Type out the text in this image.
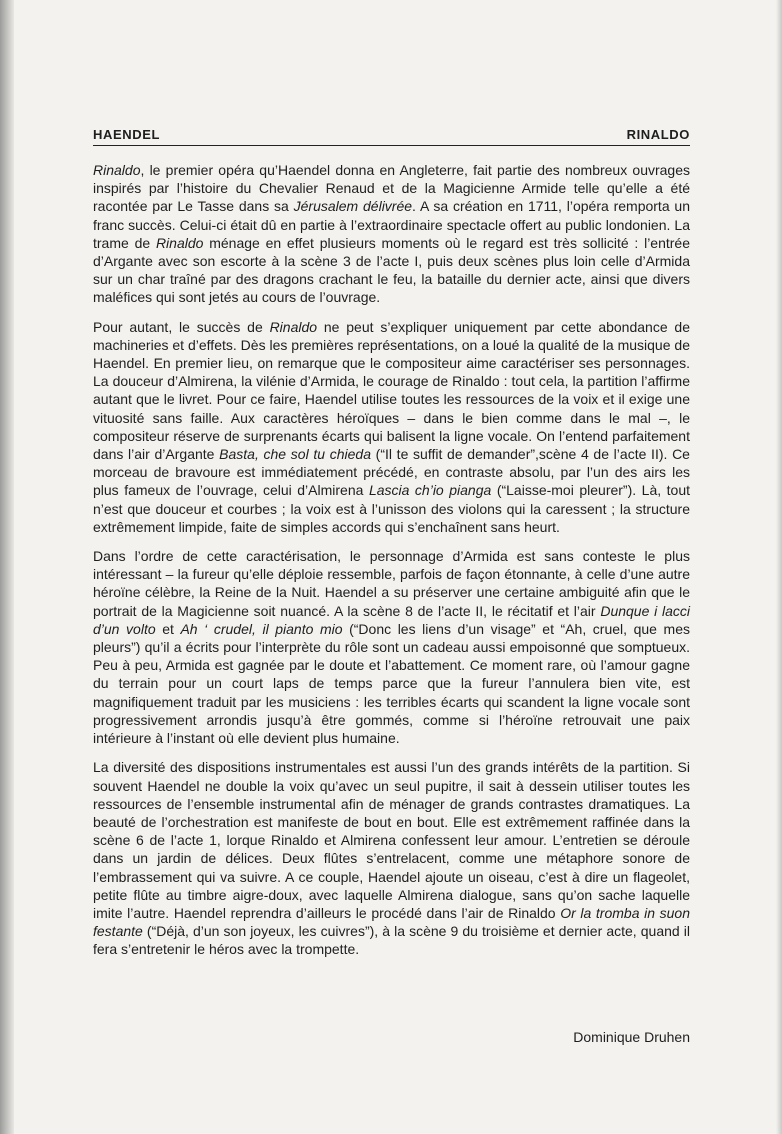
HAENDEL	RINALDO

Rinaldo, le premier opéra qu’Haendel donna en Angleterre, fait partie des nombreux ouvrages inspirés par l’histoire du Chevalier Renaud et de la Magicienne Armide telle qu’elle a été racontée par Le Tasse dans sa Jérusalem délivrée. A sa création en 1711, l’opéra remporta un franc succès. Celui-ci était dû en partie à l’extraordinaire spectacle offert au public londonien. La trame de Rinaldo ménage en effet plusieurs moments où le regard est très sollicité : l’entrée d’Argante avec son escorte à la scène 3 de l’acte I, puis deux scènes plus loin celle d’Armida sur un char traîné par des dragons crachant le feu, la bataille du dernier acte, ainsi que divers maléfices qui sont jetés au cours de l’ouvrage.

Pour autant, le succès de Rinaldo ne peut s’expliquer uniquement par cette abondance de machineries et d’effets. Dès les premières représentations, on a loué la qualité de la musique de Haendel. En premier lieu, on remarque que le compositeur aime caractériser ses personnages. La douceur d’Almirena, la vilénie d’Armida, le courage de Rinaldo : tout cela, la partition l’affirme autant que le livret. Pour ce faire, Haendel utilise toutes les ressources de la voix et il exige une vituosité sans faille. Aux caractères héroïques – dans le bien comme dans le mal –, le compositeur réserve de surprenants écarts qui balisent la ligne vocale. On l’entend parfaitement dans l’air d’Argante Basta, che sol tu chieda (“Il te suffit de demander”,scène 4 de l’acte II). Ce morceau de bravoure est immédiatement précédé, en contraste absolu, par l’un des airs les plus fameux de l’ouvrage, celui d’Almirena Lascia ch’io pianga (“Laisse-moi pleurer”). Là, tout n’est que douceur et courbes ; la voix est à l’unisson des violons qui la caressent ; la structure extrêmement limpide, faite de simples accords qui s’enchaînent sans heurt.

Dans l’ordre de cette caractérisation, le personnage d’Armida est sans conteste le plus intéressant – la fureur qu’elle déploie ressemble, parfois de façon étonnante, à celle d’une autre héroïne célèbre, la Reine de la Nuit. Haendel a su préserver une certaine ambiguité afin que le portrait de la Magicienne soit nuancé. A la scène 8 de l’acte II, le récitatif et l’air Dunque i lacci d’un volto et Ah ‘ crudel, il pianto mio (“Donc les liens d’un visage” et “Ah, cruel, que mes pleurs”) qu’il a écrits pour l’interprète du rôle sont un cadeau aussi empoisonné que somptueux. Peu à peu, Armida est gagnée par le doute et l’abattement. Ce moment rare, où l’amour gagne du terrain pour un court laps de temps parce que la fureur l’annulera bien vite, est magnifiquement traduit par les musiciens : les terribles écarts qui scandent la ligne vocale sont progressivement arrondis jusqu’à être gommés, comme si l’héroïne retrouvait une paix intérieure à l’instant où elle devient plus humaine.

La diversité des dispositions instrumentales est aussi l’un des grands intérêts de la partition. Si souvent Haendel ne double la voix qu’avec un seul pupitre, il sait à dessein utiliser toutes les ressources de l’ensemble instrumental afin de ménager de grands contrastes dramatiques. La beauté de l’orchestration est manifeste de bout en bout. Elle est extrêmement raffinée dans la scène 6 de l’acte 1, lorque Rinaldo et Almirena confessent leur amour. L’entretien se déroule dans un jardin de délices. Deux flûtes s’entrelacent, comme une métaphore sonore de l’embrassement qui va suivre. A ce couple, Haendel ajoute un oiseau, c’est à dire un flageolet, petite flûte au timbre aigre-doux, avec laquelle Almirena dialogue, sans qu’on sache laquelle imite l’autre. Haendel reprendra d’ailleurs le procédé dans l’air de Rinaldo Or la tromba in suon festante (“Déjà, d’un son joyeux, les cuivres”), à la scène 9 du troisième et dernier acte, quand il fera s’entretenir le héros avec la trompette.

Dominique Druhen
